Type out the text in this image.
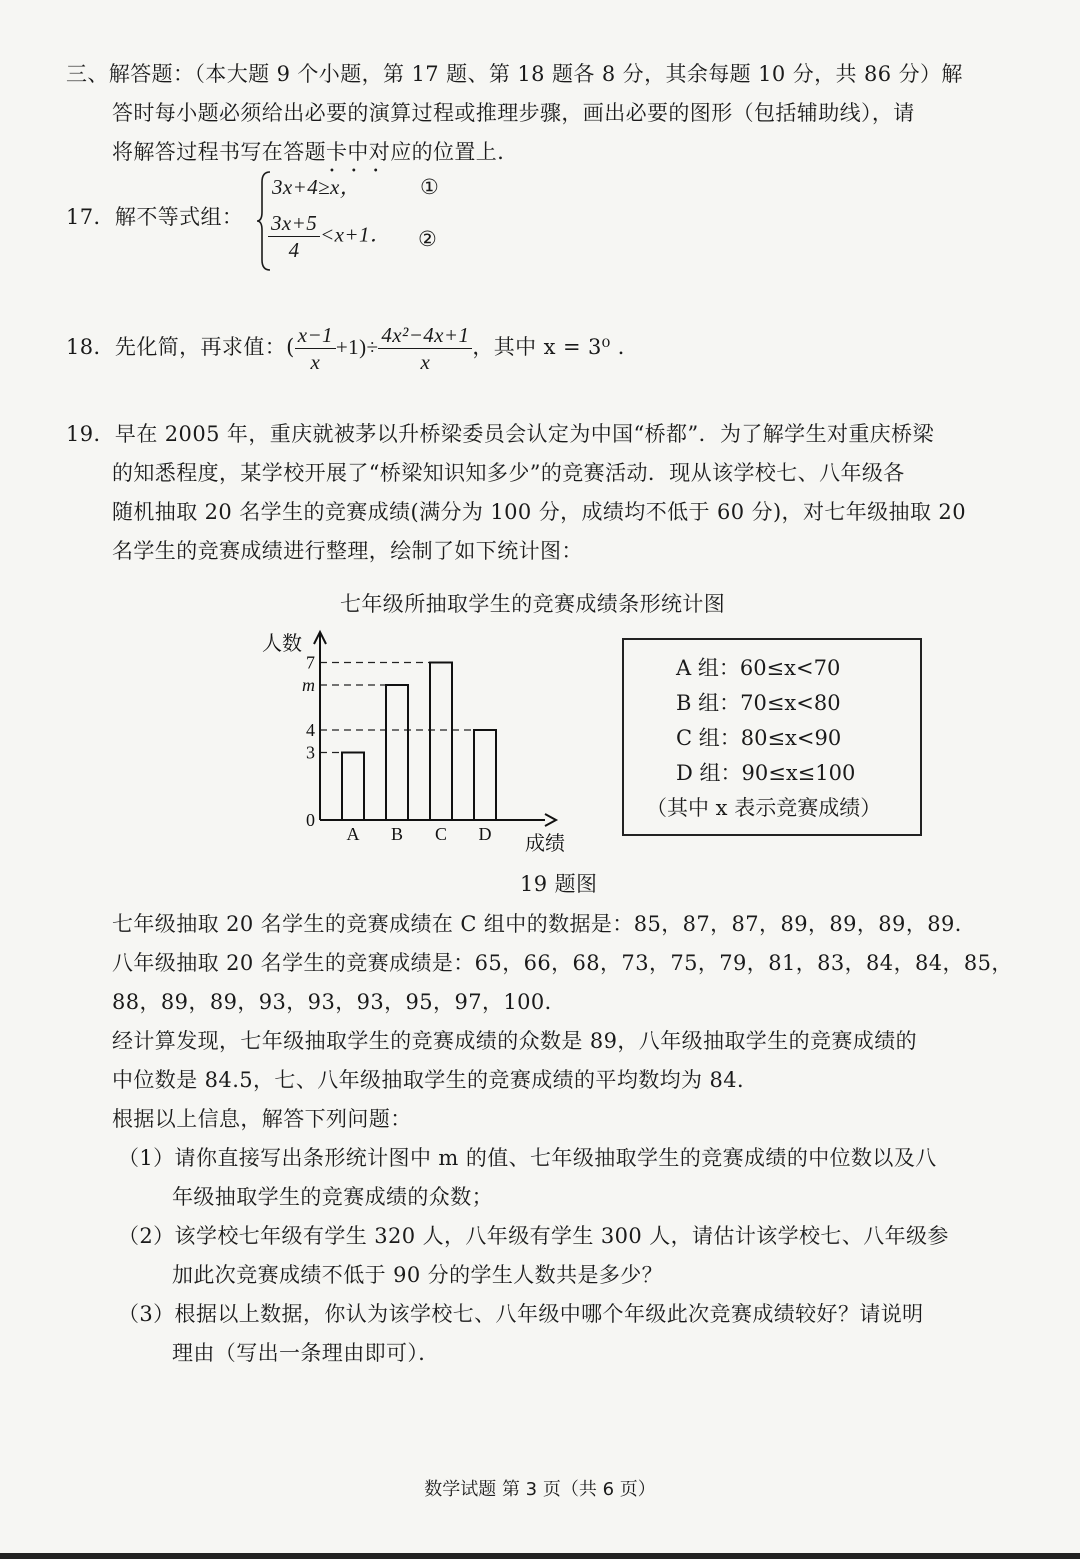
三、解答题：（本大题 9 个小题，第 17 题、第 18 题各 8 分，其余每题 10 分，共 86 分）解
答时每小题必须给出必要的演算过程或推理步骤，画出必要的图形（包括辅助线），请
将解答过程书写在答题卡中对应的位置上．
•••
17．解不等式组：
3x+4≥x，	①
$\frac{3x+5}{4} <x+1$． ②
18．先化简，再求值：( $\frac{x-1}{x} +1)\div \frac{\text{4x²−4x+1}}{x}$ ，其中 x = 3⁰ ．
19．早在 2005 年，重庆就被茅以升桥梁委员会认定为中国“桥都”．为了解学生对重庆桥梁
的知悉程度，某学校开展了“桥梁知识知多少”的竞赛活动．现从该学校七、八年级各
随机抽取 20 名学生的竞赛成绩(满分为 100 分，成绩均不低于 60 分)，对七年级抽取 20
名学生的竞赛成绩进行整理，绘制了如下统计图：
七年级所抽取学生的竞赛成绩条形统计图
A B C D
0
3
4
m
7
人数
成绩
A 组：60≤x<70
B 组：70≤x<80
C 组：80≤x<90
D 组：90≤x≤100
（其中 x 表示竞赛成绩）
19 题图
七年级抽取 20 名学生的竞赛成绩在 C 组中的数据是：85，87，87，89，89，89，89．
八年级抽取 20 名学生的竞赛成绩是：65，66，68，73，75，79，81，83，84，84，85，
88，89，89，93，93，93，95，97，100．
经计算发现，七年级抽取学生的竞赛成绩的众数是 89，八年级抽取学生的竞赛成绩的
中位数是 84.5，七、八年级抽取学生的竞赛成绩的平均数均为 84．
根据以上信息，解答下列问题：
（1）请你直接写出条形统计图中 m 的值、七年级抽取学生的竞赛成绩的中位数以及八
年级抽取学生的竞赛成绩的众数；
（2）该学校七年级有学生 320 人，八年级有学生 300 人，请估计该学校七、八年级参
加此次竞赛成绩不低于 90 分的学生人数共是多少？
（3）根据以上数据，你认为该学校七、八年级中哪个年级此次竞赛成绩较好？请说明
理由（写出一条理由即可）．
数学试题 第 3 页（共 6 页）
